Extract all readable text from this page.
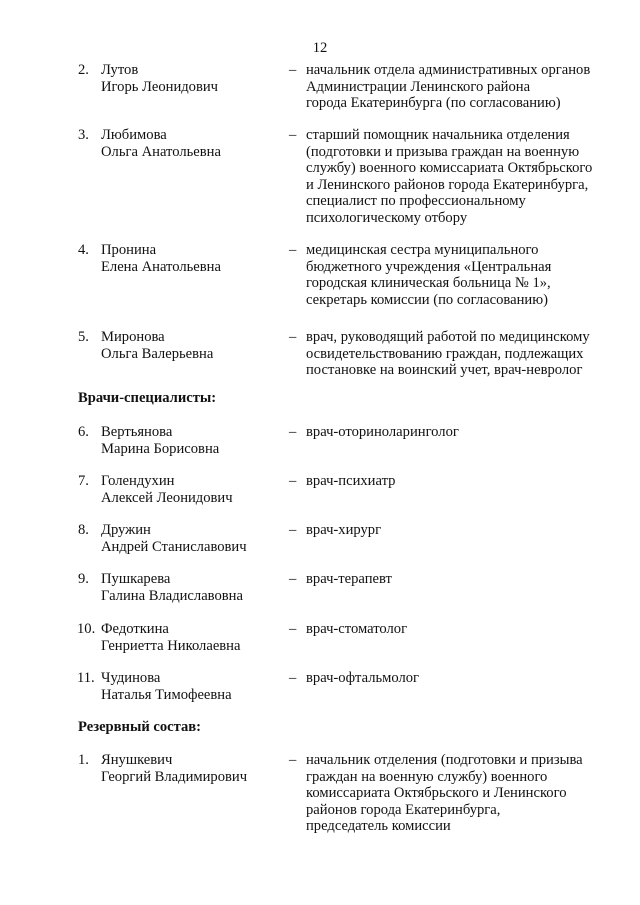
12
2. Лутов
Игорь Леонидович
– начальник отдела административных органов
Администрации Ленинского района
города Екатеринбурга (по согласованию)
3. Любимова
Ольга Анатольевна
– старший помощник начальника отделения
(подготовки и призыва граждан на военную
службу) военного комиссариата Октябрьского
и Ленинского районов города Екатеринбурга,
специалист по профессиональному
психологическому отбору
4. Пронина
Елена Анатольевна
– медицинская сестра муниципального
бюджетного учреждения «Центральная
городская клиническая больница № 1»,
секретарь комиссии (по согласованию)
5. Миронова
Ольга Валерьевна
– врач, руководящий работой по медицинскому
освидетельствованию граждан, подлежащих
постановке на воинский учет, врач-невролог
Врачи-специалисты:
6. Вертьянова
Марина Борисовна
– врач-оториноларинголог
7. Голендухин
Алексей Леонидович
– врач-психиатр
8. Дружин
Андрей Станиславович
– врач-хирург
9. Пушкарева
Галина Владиславовна
– врач-терапевт
10. Федоткина
Генриетта Николаевна
– врач-стоматолог
11. Чудинова
Наталья Тимофеевна
– врач-офтальмолог
Резервный состав:
1. Янушкевич
Георгий Владимирович
– начальник отделения (подготовки и призыва
граждан на военную службу) военного
комиссариата Октябрьского и Ленинского
районов города Екатеринбурга,
председатель комиссии
